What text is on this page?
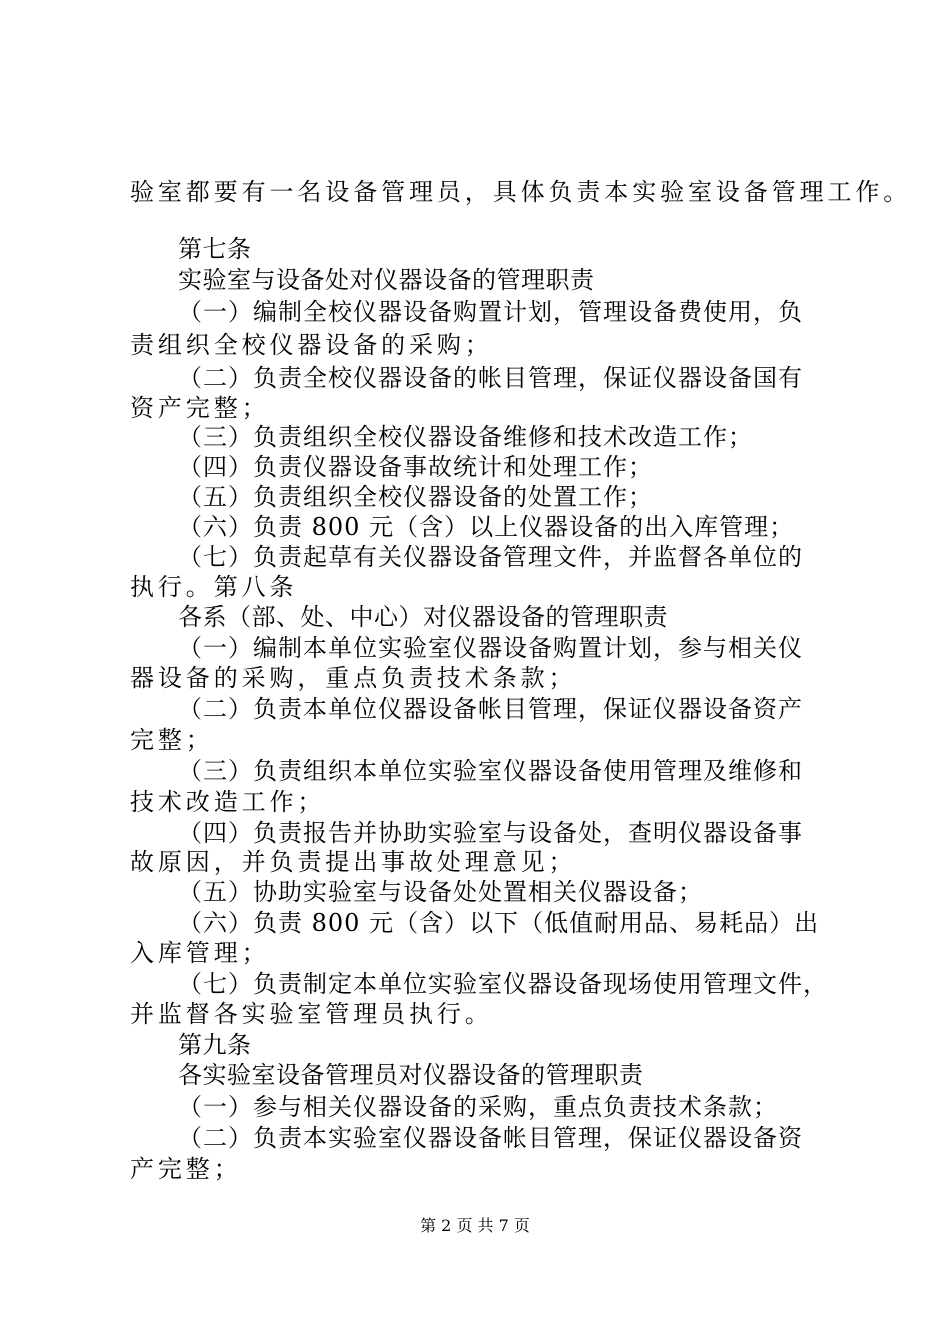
验室都要有一名设备管理员，具体负责本实验室设备管理工作。
第七条
实验室与设备处对仪器设备的管理职责
（一）编制全校仪器设备购置计划，管理设备费使用，负
责组织全校仪器设备的采购；
（二）负责全校仪器设备的帐目管理，保证仪器设备国有
资产完整；
（三）负责组织全校仪器设备维修和技术改造工作；
（四）负责仪器设备事故统计和处理工作；
（五）负责组织全校仪器设备的处置工作；
（六）负责 800 元（含）以上仪器设备的出入库管理；
（七）负责起草有关仪器设备管理文件，并监督各单位的
执行。第八条
各系（部、处、中心）对仪器设备的管理职责
（一）编制本单位实验室仪器设备购置计划，参与相关仪
器设备的采购，重点负责技术条款；
（二）负责本单位仪器设备帐目管理，保证仪器设备资产
完整；
（三）负责组织本单位实验室仪器设备使用管理及维修和
技术改造工作；
（四）负责报告并协助实验室与设备处，查明仪器设备事
故原因，并负责提出事故处理意见；
（五）协助实验室与设备处处置相关仪器设备；
（六）负责 800 元（含）以下（低值耐用品、易耗品）出
入库管理；
（七）负责制定本单位实验室仪器设备现场使用管理文件，
并监督各实验室管理员执行。
第九条
各实验室设备管理员对仪器设备的管理职责
（一）参与相关仪器设备的采购，重点负责技术条款；
（二）负责本实验室仪器设备帐目管理，保证仪器设备资
产完整；
第 2 页 共 7 页
